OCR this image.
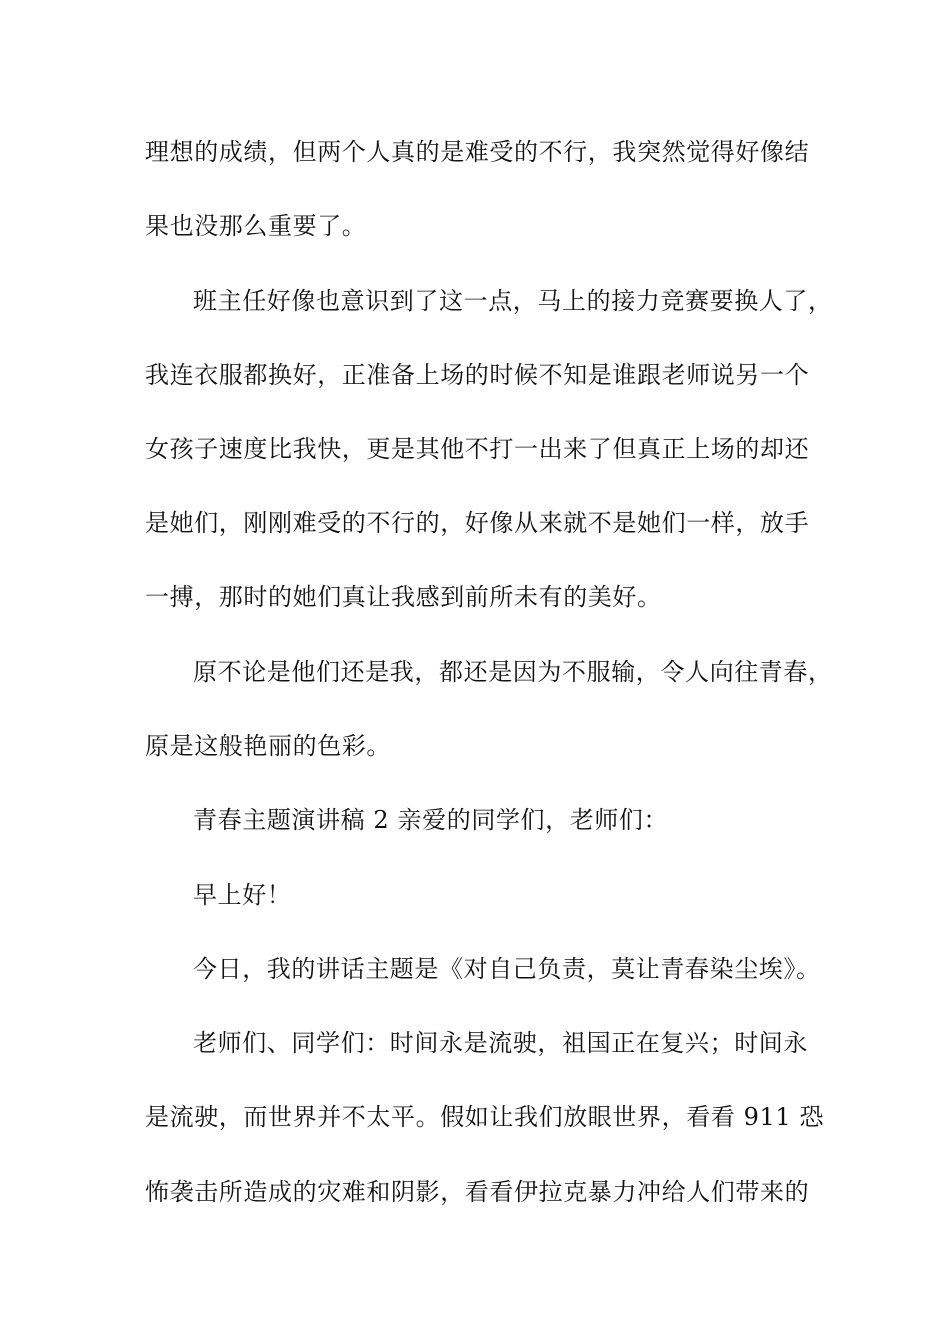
理想的成绩，但两个人真的是难受的不行，我突然觉得好像结
果也没那么重要了。
班主任好像也意识到了这一点，马上的接力竞赛要换人了，
我连衣服都换好，正准备上场的时候不知是谁跟老师说另一个
女孩子速度比我快，更是其他不打一出来了但真正上场的却还
是她们，刚刚难受的不行的，好像从来就不是她们一样，放手
一搏，那时的她们真让我感到前所未有的美好。
原不论是他们还是我，都还是因为不服输，令人向往青春，
原是这般艳丽的色彩。
青春主题演讲稿 2 亲爱的同学们，老师们：
早上好！
今日，我的讲话主题是《对自己负责，莫让青春染尘埃》。
老师们、同学们：时间永是流驶，祖国正在复兴；时间永
是流驶，而世界并不太平。假如让我们放眼世界，看看 911 恐
怖袭击所造成的灾难和阴影，看看伊拉克暴力冲给人们带来的
